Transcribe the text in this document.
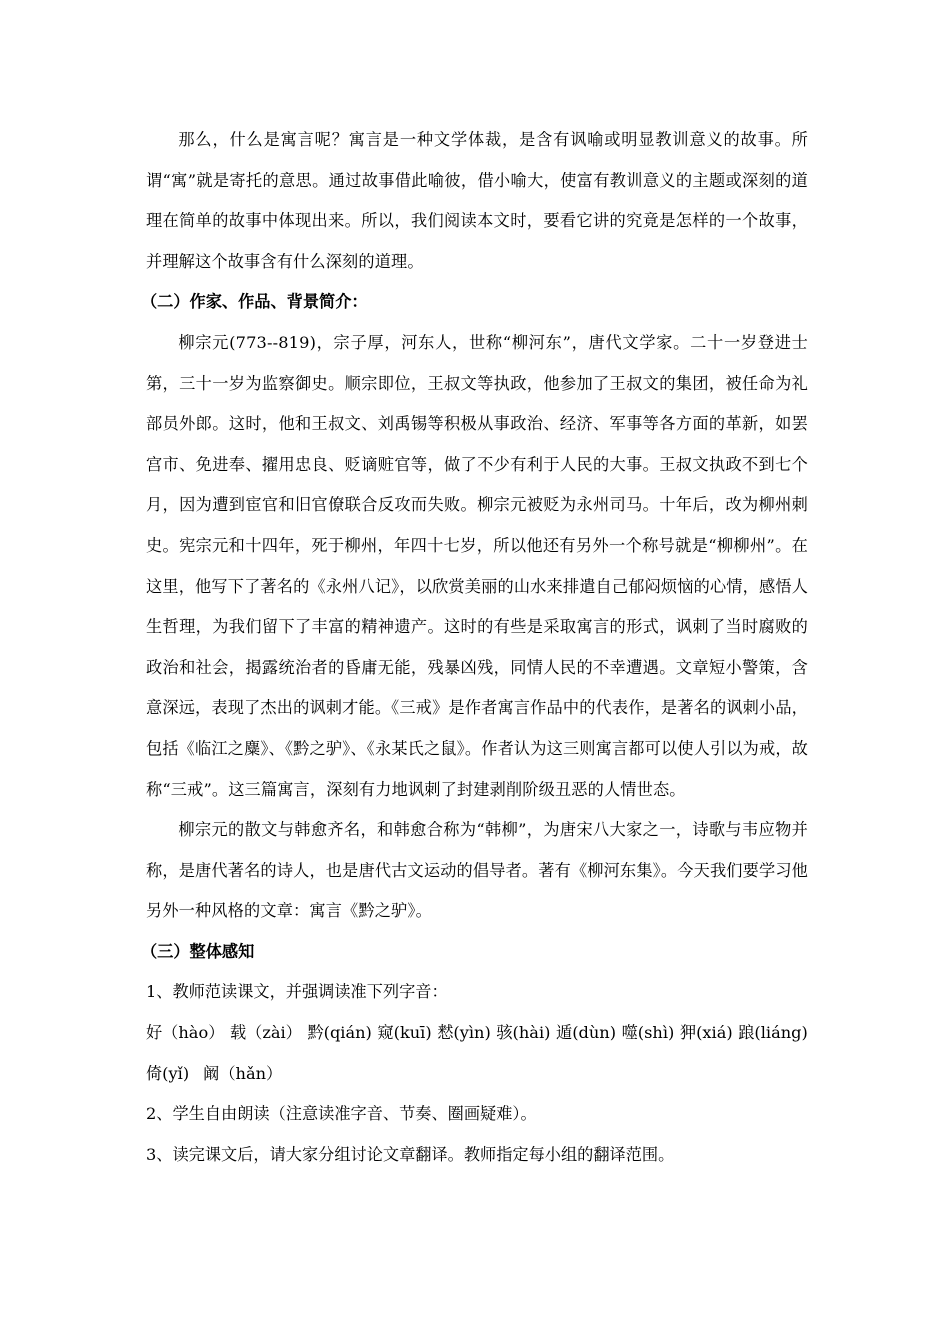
那么，什么是寓言呢？寓言是一种文学体裁，是含有讽喻或明显教训意义的故事。所谓“寓”就是寄托的意思。通过故事借此喻彼，借小喻大，使富有教训意义的主题或深刻的道理在简单的故事中体现出来。所以，我们阅读本文时，要看它讲的究竟是怎样的一个故事，并理解这个故事含有什么深刻的道理。

（二）作家、作品、背景简介：

柳宗元(773--819)，宗子厚，河东人，世称“柳河东”，唐代文学家。二十一岁登进士第，三十一岁为监察御史。顺宗即位，王叔文等执政，他参加了王叔文的集团，被任命为礼部员外郎。这时，他和王叔文、刘禹锡等积极从事政治、经济、军事等各方面的革新，如罢宫市、免进奉、擢用忠良、贬谪赃官等，做了不少有利于人民的大事。王叔文执政不到七个月，因为遭到宦官和旧官僚联合反攻而失败。柳宗元被贬为永州司马。十年后，改为柳州刺史。宪宗元和十四年，死于柳州，年四十七岁，所以他还有另外一个称号就是“柳柳州”。在这里，他写下了著名的《永州八记》，以欣赏美丽的山水来排遣自己郁闷烦恼的心情，感悟人生哲理，为我们留下了丰富的精神遗产。这时的有些是采取寓言的形式，讽刺了当时腐败的政治和社会，揭露统治者的昏庸无能，残暴凶残，同情人民的不幸遭遇。文章短小警策，含意深远，表现了杰出的讽刺才能。《三戒》是作者寓言作品中的代表作，是著名的讽刺小品，包括《临江之麋》、《黔之驴》、《永某氏之鼠》。作者认为这三则寓言都可以使人引以为戒，故称“三戒”。这三篇寓言，深刻有力地讽刺了封建剥削阶级丑恶的人情世态。

柳宗元的散文与韩愈齐名，和韩愈合称为“韩柳”，为唐宋八大家之一，诗歌与韦应物并称，是唐代著名的诗人，也是唐代古文运动的倡导者。著有《柳河东集》。今天我们要学习他另外一种风格的文章：寓言《黔之驴》。

（三）整体感知

1、教师范读课文，并强调读准下列字音：

好（hào） 载（zài） 黔(qián) 窥(kuī) 慭(yìn) 骇(hài) 遁(dùn) 噬(shì) 狎(xiá) 踉(liáng)
倚(yǐ) 阚（hǎn）

2、学生自由朗读（注意读准字音、节奏、圈画疑难）。

3、读完课文后，请大家分组讨论文章翻译。教师指定每小组的翻译范围。
